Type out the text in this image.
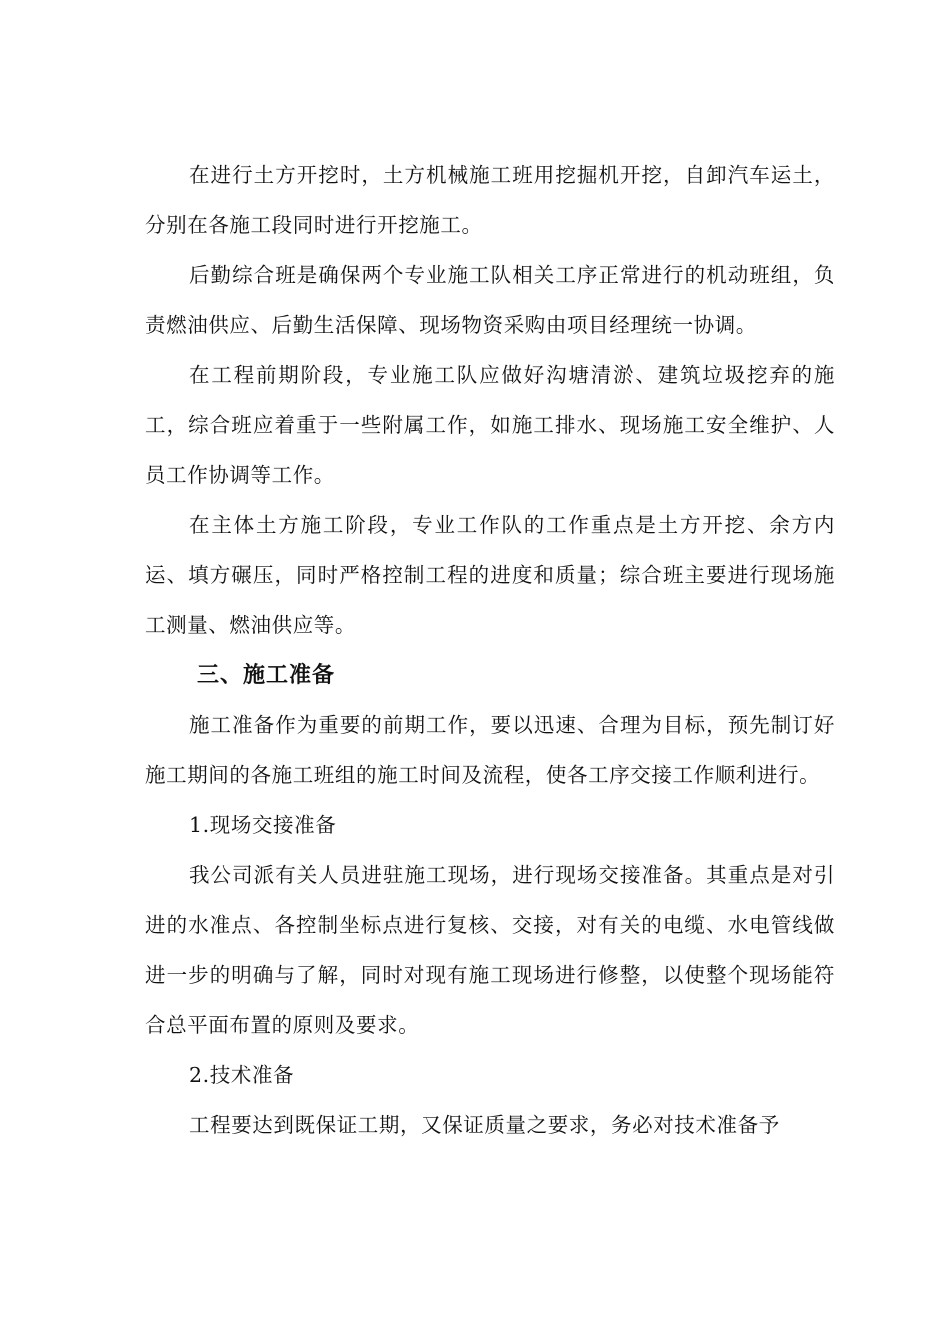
在进行土方开挖时，土方机械施工班用挖掘机开挖，自卸汽车运土，分别在各施工段同时进行开挖施工。

后勤综合班是确保两个专业施工队相关工序正常进行的机动班组，负责燃油供应、后勤生活保障、现场物资采购由项目经理统一协调。

在工程前期阶段，专业施工队应做好沟塘清淤、建筑垃圾挖弃的施工，综合班应着重于一些附属工作，如施工排水、现场施工安全维护、人员工作协调等工作。

在主体土方施工阶段，专业工作队的工作重点是土方开挖、余方内运、填方碾压，同时严格控制工程的进度和质量；综合班主要进行现场施工测量、燃油供应等。

三、施工准备

施工准备作为重要的前期工作，要以迅速、合理为目标，预先制订好施工期间的各施工班组的施工时间及流程，使各工序交接工作顺利进行。

1.现场交接准备

我公司派有关人员进驻施工现场，进行现场交接准备。其重点是对引进的水准点、各控制坐标点进行复核、交接，对有关的电缆、水电管线做进一步的明确与了解，同时对现有施工现场进行修整，以使整个现场能符合总平面布置的原则及要求。

2.技术准备

工程要达到既保证工期，又保证质量之要求，务必对技术准备予
